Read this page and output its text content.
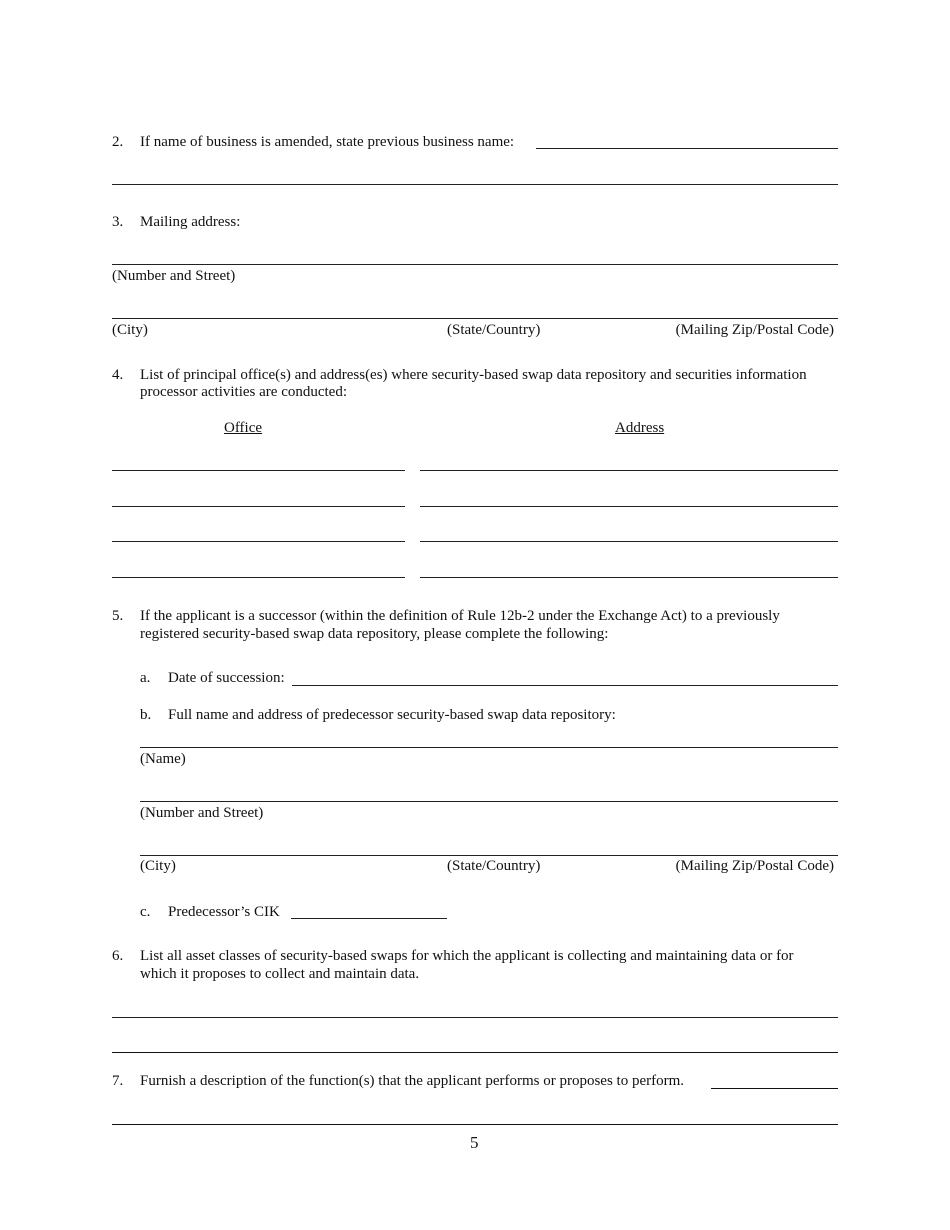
2. If name of business is amended, state previous business name:
3. Mailing address:
(Number and Street)
(City)	(State/Country)	(Mailing Zip/Postal Code)
4. List of principal office(s) and address(es) where security-based swap data repository and securities information
processor activities are conducted:
Office	Address
5. If the applicant is a successor (within the definition of Rule 12b-2 under the Exchange Act) to a previously
registered security-based swap data repository, please complete the following:
a. Date of succession:
b. Full name and address of predecessor security-based swap data repository:
(Name)
(Number and Street)
(City)	(State/Country)	(Mailing Zip/Postal Code)
c. Predecessor’s CIK
6. List all asset classes of security-based swaps for which the applicant is collecting and maintaining data or for
which it proposes to collect and maintain data.
7. Furnish a description of the function(s) that the applicant performs or proposes to perform.
5
